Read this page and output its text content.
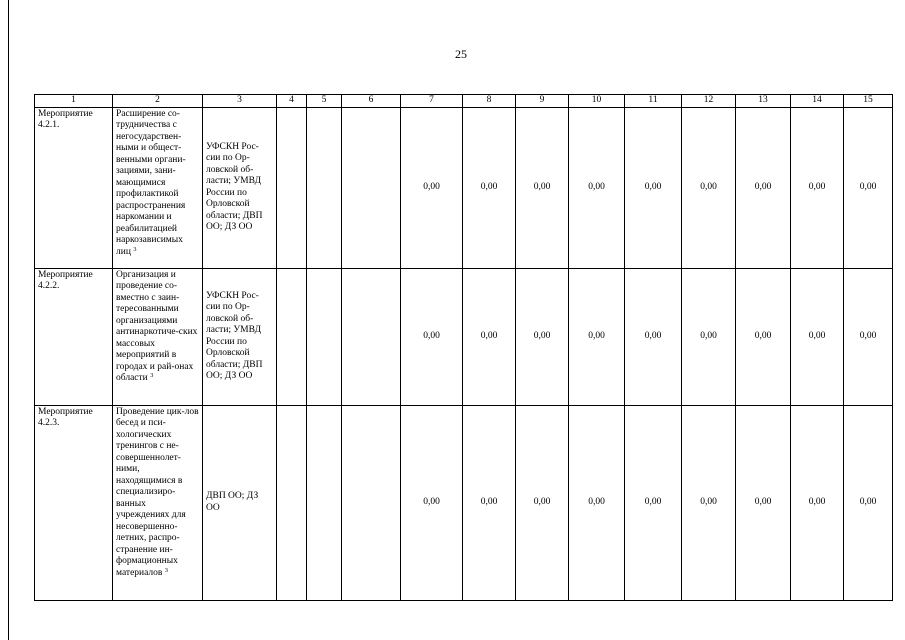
25
1	2	3	4	5	6	7	8	9	10	11	12	13	14	15
Мероприятие 4.2.1.	Расширение со-трудничества с негосударствен-ными и общест-венными органи-зациями, зани-мающимися профилактикой распространения наркомании и реабилитацией наркозависимых лиц $^3$	УФСКН Рос-сии по Ор-ловской об-ласти; УМВД России по Орловской области; ДВП ОО; ДЗ ОО				0,00	0,00	0,00	0,00	0,00	0,00	0,00	0,00	0,00
Мероприятие 4.2.2.	Организация и проведение со-вместно с заин-тересованными организациями антинаркотиче-ских массовых мероприятий в городах и рай-онах области $^3$	УФСКН Рос-сии по Ор-ловской об-ласти; УМВД России по Орловской области; ДВП ОО; ДЗ ОО				0,00	0,00	0,00	0,00	0,00	0,00	0,00	0,00	0,00
Мероприятие 4.2.3.	Проведение цик-лов бесед и пси-хологических тренингов с не-совершеннолет-ними, находящимися в специализиро-ванных учреждениях для несовершенно-летних, распро-странение ин-формационных материалов $^3$	ДВП ОО; ДЗ ОО				0,00	0,00	0,00	0,00	0,00	0,00	0,00	0,00	0,00
